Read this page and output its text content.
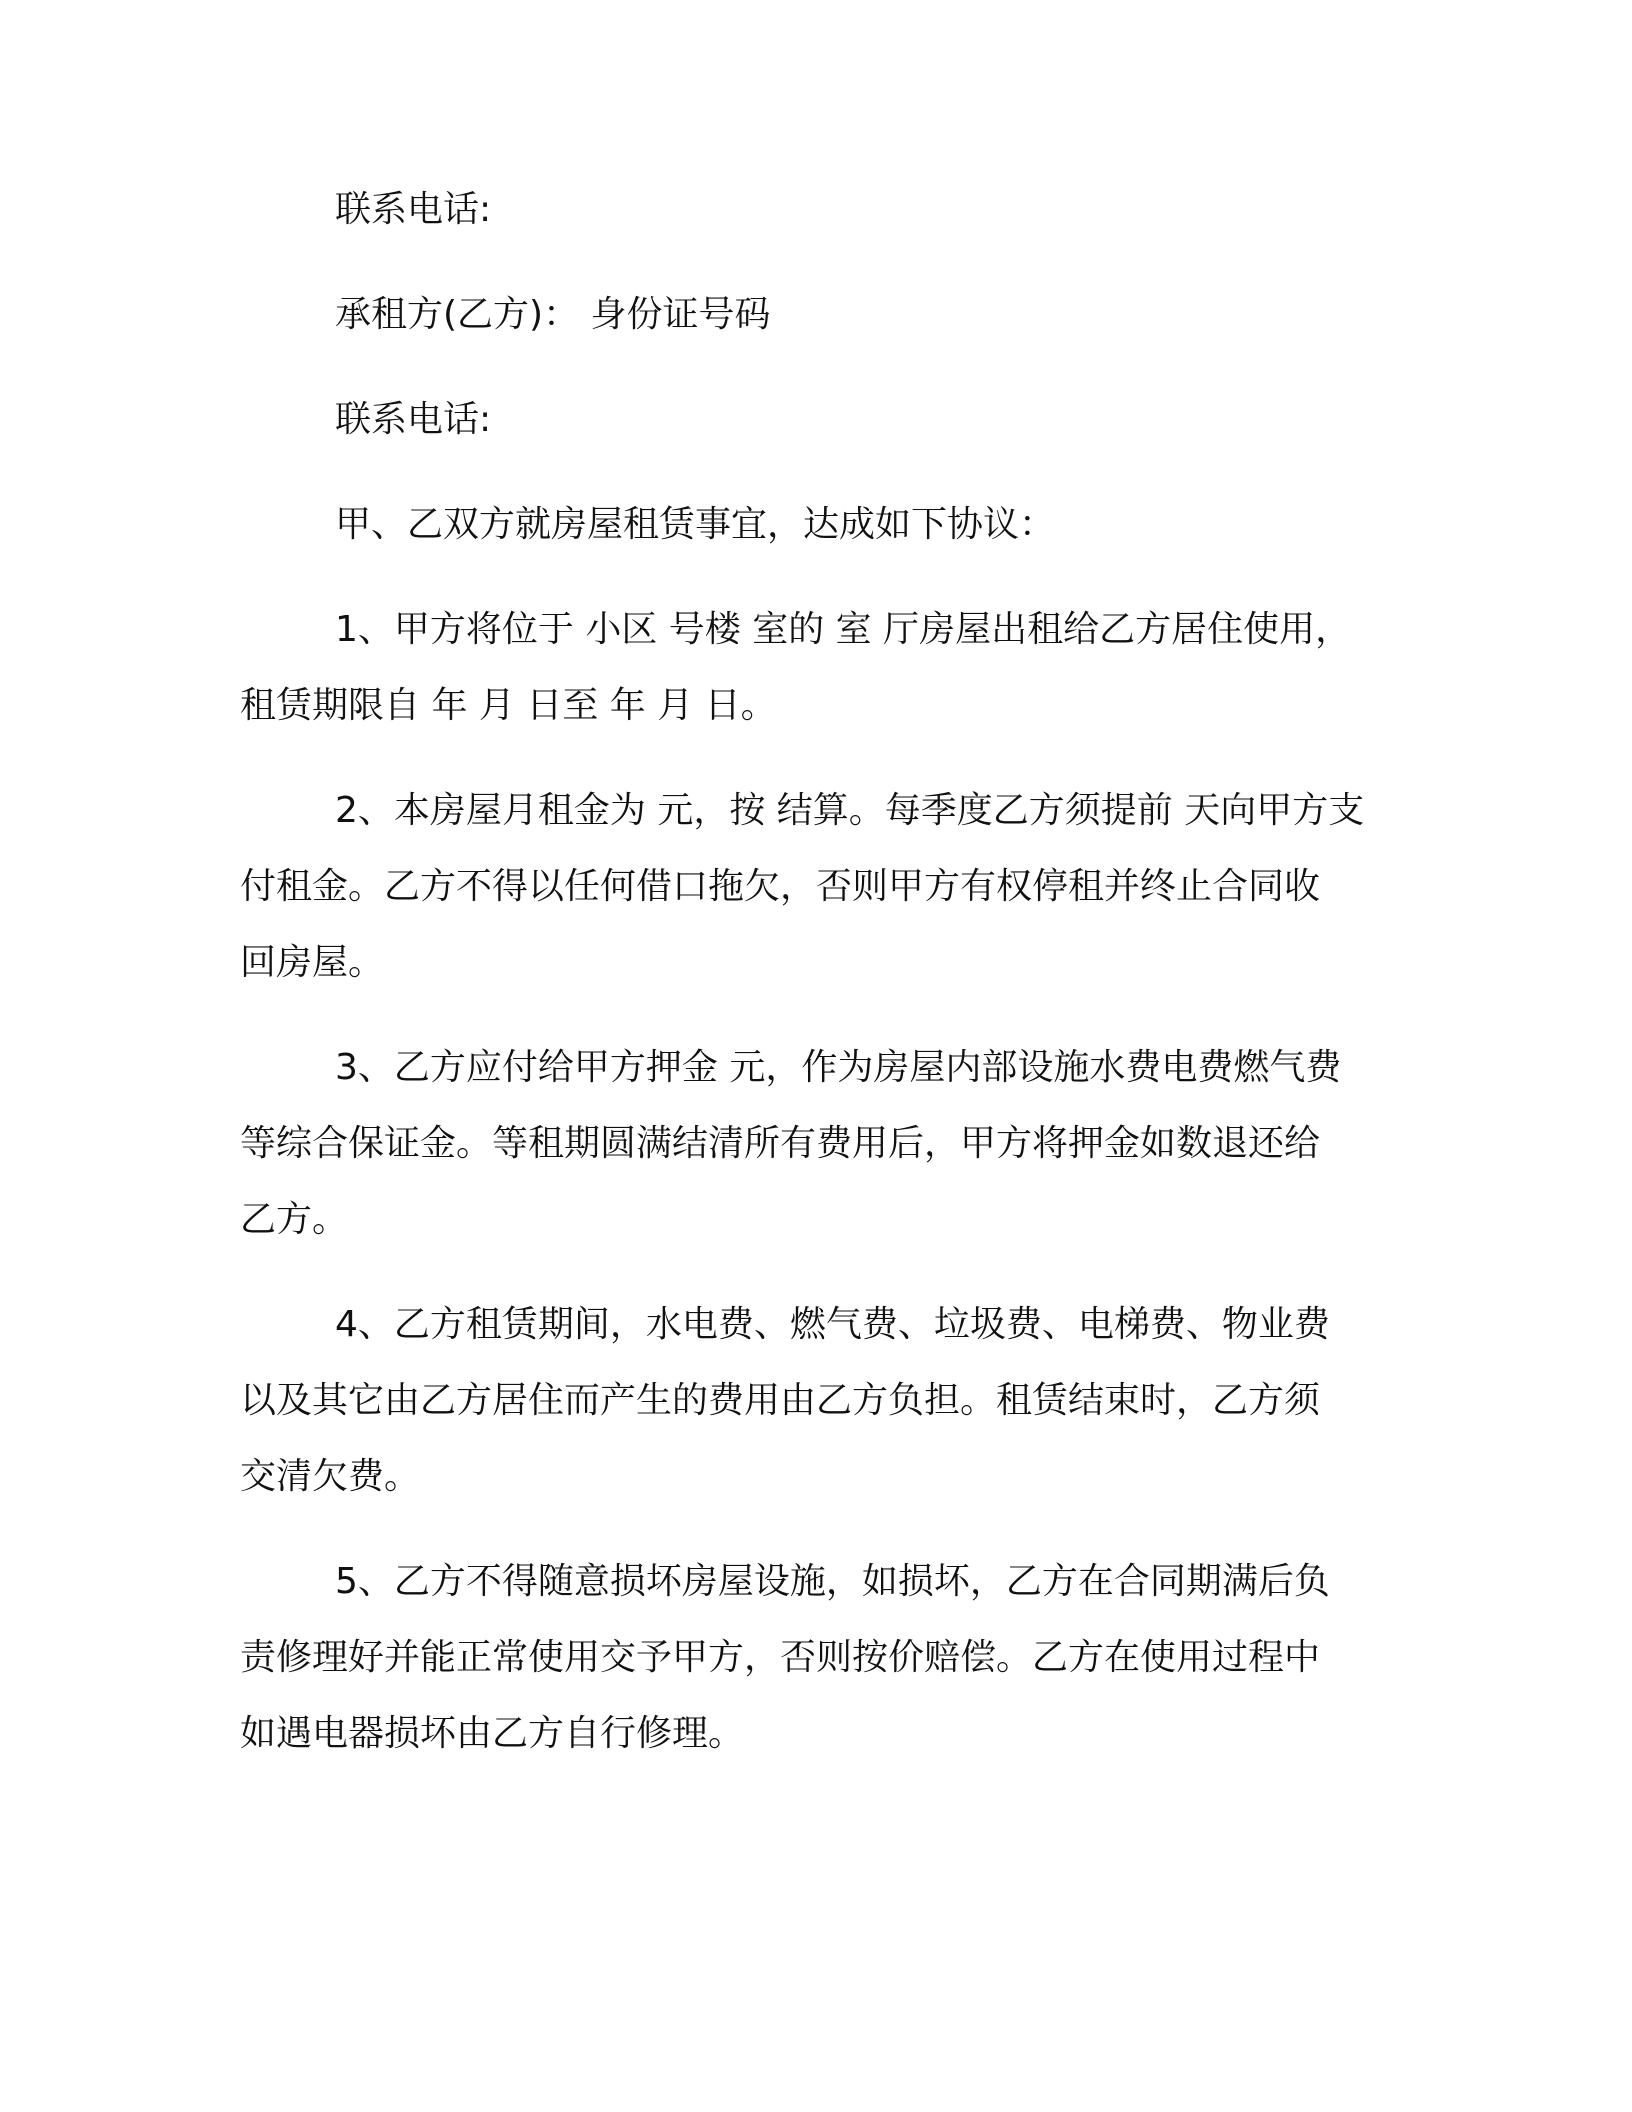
联系电话:

承租方(乙方)： 身份证号码

联系电话:

甲、乙双方就房屋租赁事宜，达成如下协议：

1、甲方将位于 小区 号楼 室的 室 厅房屋出租给乙方居住使用，

租赁期限自 年 月 日至 年 月 日。

2、本房屋月租金为 元，按 结算。每季度乙方须提前 天向甲方支

付租金。乙方不得以任何借口拖欠，否则甲方有权停租并终止合同收

回房屋。

3、乙方应付给甲方押金 元，作为房屋内部设施水费电费燃气费

等综合保证金。等租期圆满结清所有费用后，甲方将押金如数退还给

乙方。

4、乙方租赁期间，水电费、燃气费、垃圾费、电梯费、物业费

以及其它由乙方居住而产生的费用由乙方负担。租赁结束时，乙方须

交清欠费。

5、乙方不得随意损坏房屋设施，如损坏，乙方在合同期满后负

责修理好并能正常使用交予甲方，否则按价赔偿。乙方在使用过程中

如遇电器损坏由乙方自行修理。
